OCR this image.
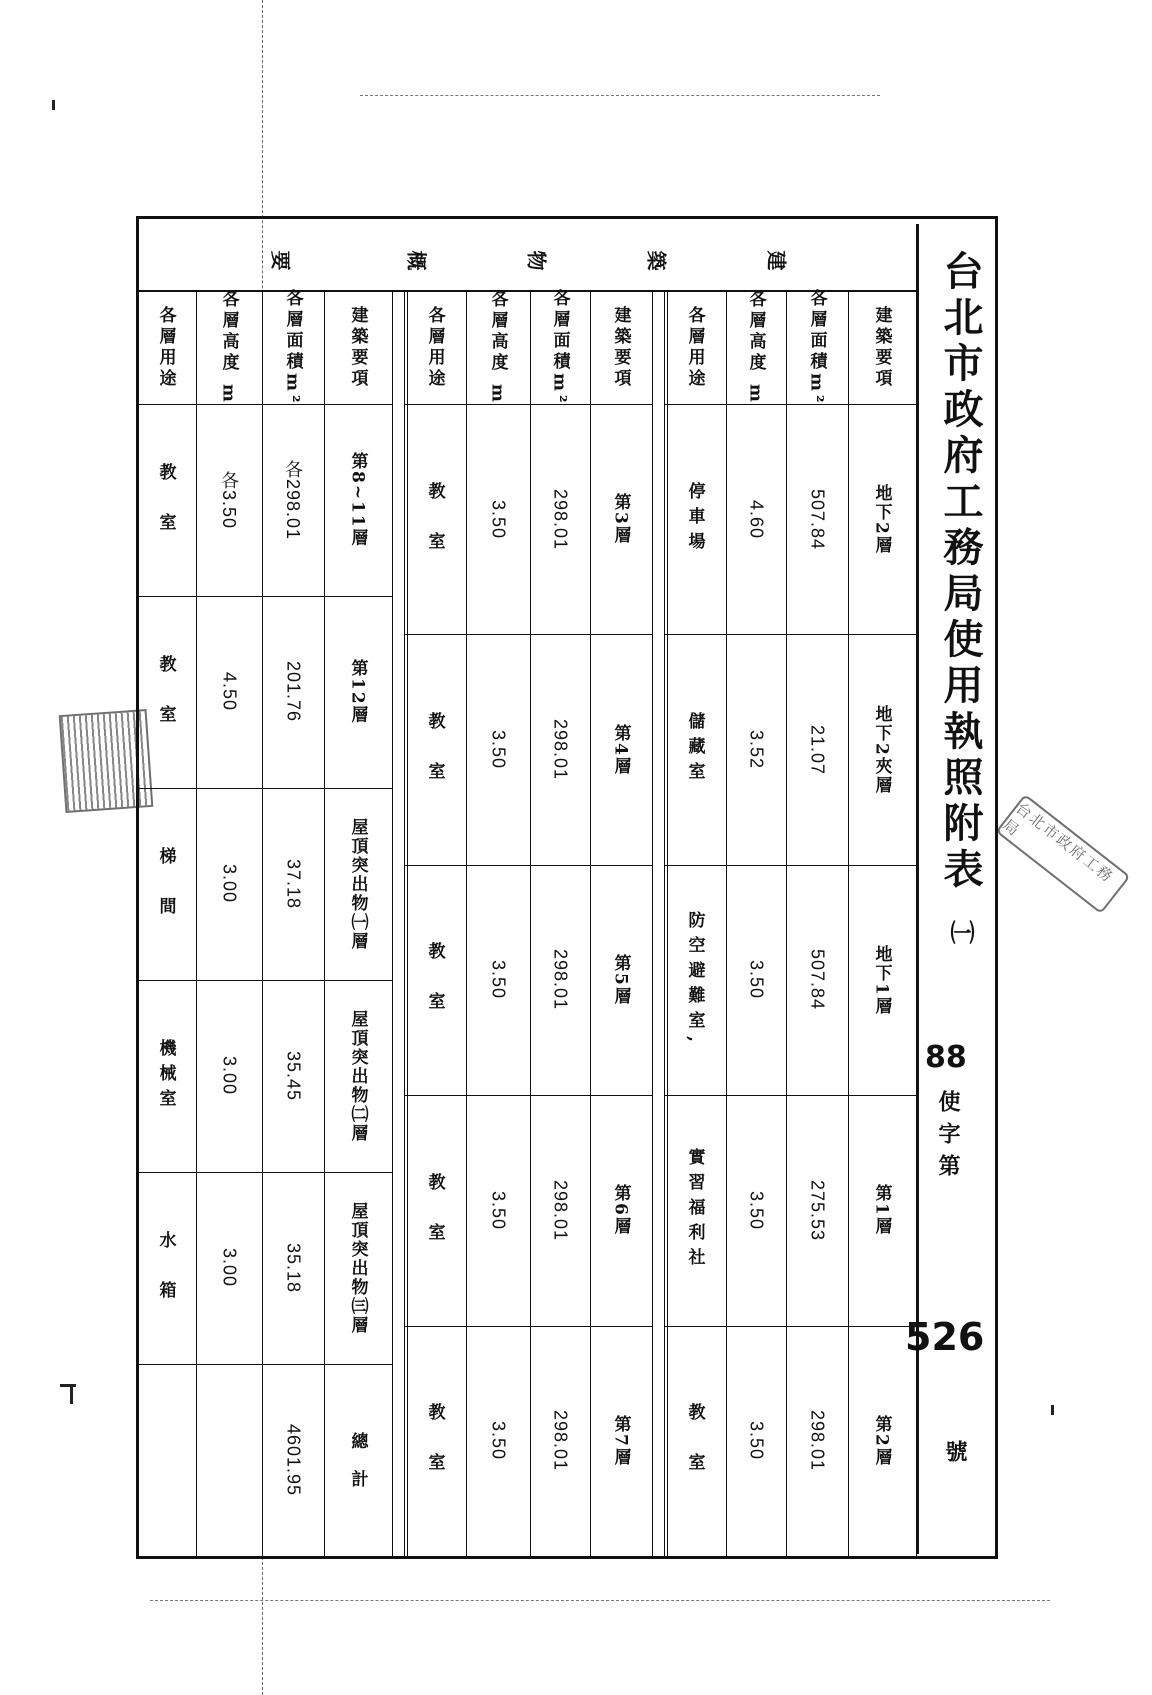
台北市政府工務局
台北市政府工務局使用執照附表
㈠
88
使字第
526
號
建
築
物
概
要
建築要項
地下2層
地下2夾層
地下1層
第1層
第2層
各層面積m²
507.84
21.07
507.84
275.53
298.01
各層高度 m
4.60
3.52
3.50
3.50
3.50
各層用途
停車場
儲藏室
防空避難室,
實習福利社
教　室
建築要項
第3層
第4層
第5層
第6層
第7層
各層面積m²
298.01
298.01
298.01
298.01
298.01
各層高度 m
3.50
3.50
3.50
3.50
3.50
各層用途
教　室
教　室
教　室
教　室
教　室
建築要項
第8~11層
第12層
屋頂突出物㈠層
屋頂突出物㈡層
屋頂突出物㈢層
總　計
各層面積m²
各298.01
201.76
37.18
35.45
35.18
4601.95
各層高度 m
各3.50
4.50
3.00
3.00
3.00
各層用途
教　室
教　室
梯　間
機械室
水　箱
